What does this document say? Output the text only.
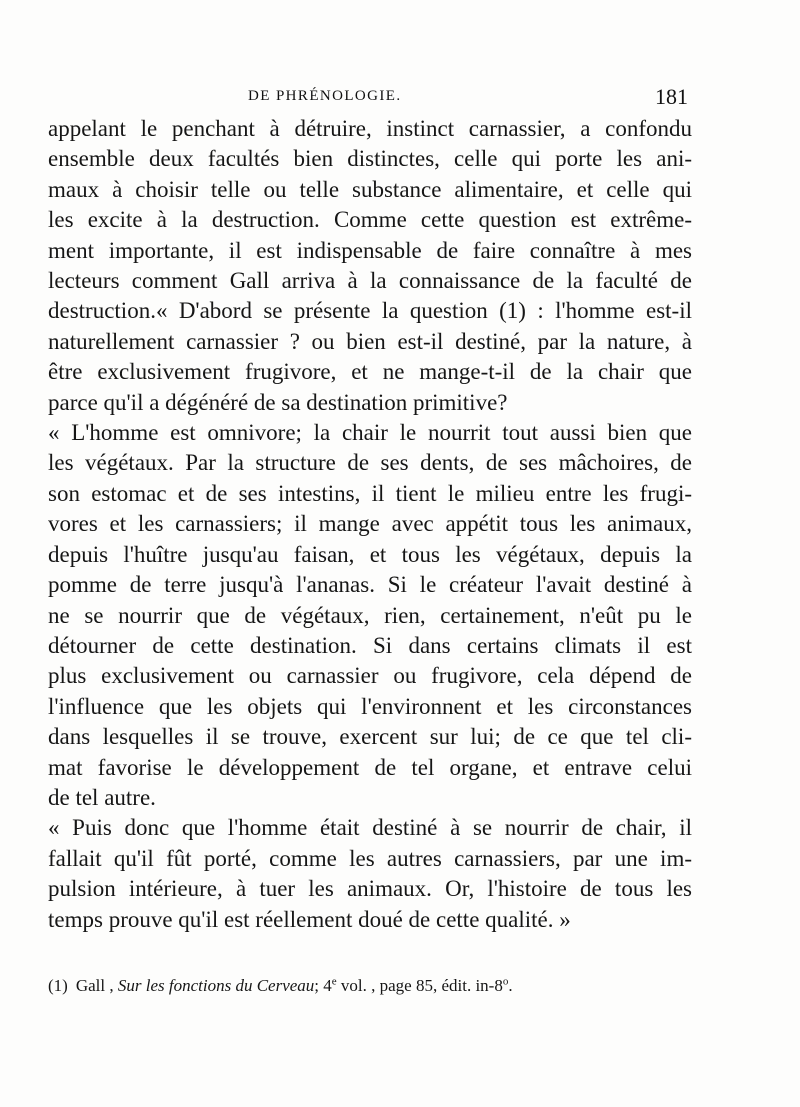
DE PHRÉNOLOGIE.	181
appelant le penchant à détruire, instinct carnassier, a confondu
ensemble deux facultés bien distinctes, celle qui porte les ani-
maux à choisir telle ou telle substance alimentaire, et celle qui
les excite à la destruction. Comme cette question est extrême-
ment importante, il est indispensable de faire connaître à mes
lecteurs comment Gall arriva à la connaissance de la faculté de
destruction.« D'abord se présente la question (1) : l'homme est-il
naturellement carnassier ? ou bien est-il destiné, par la nature, à
être exclusivement frugivore, et ne mange-t-il de la chair que
parce qu'il a dégénéré de sa destination primitive?
« L'homme est omnivore; la chair le nourrit tout aussi bien que
les végétaux. Par la structure de ses dents, de ses mâchoires, de
son estomac et de ses intestins, il tient le milieu entre les frugi-
vores et les carnassiers; il mange avec appétit tous les animaux,
depuis l'huître jusqu'au faisan, et tous les végétaux, depuis la
pomme de terre jusqu'à l'ananas. Si le créateur l'avait destiné à
ne se nourrir que de végétaux, rien, certainement, n'eût pu le
détourner de cette destination. Si dans certains climats il est
plus exclusivement ou carnassier ou frugivore, cela dépend de
l'influence que les objets qui l'environnent et les circonstances
dans lesquelles il se trouve, exercent sur lui; de ce que tel cli-
mat favorise le développement de tel organe, et entrave celui
de tel autre.
« Puis donc que l'homme était destiné à se nourrir de chair, il
fallait qu'il fût porté, comme les autres carnassiers, par une im-
pulsion intérieure, à tuer les animaux. Or, l'histoire de tous les
temps prouve qu'il est réellement doué de cette qualité. »
(1) Gall , Sur les fonctions du Cerveau; 4e vol. , page 85, édit. in-8$^o$.
